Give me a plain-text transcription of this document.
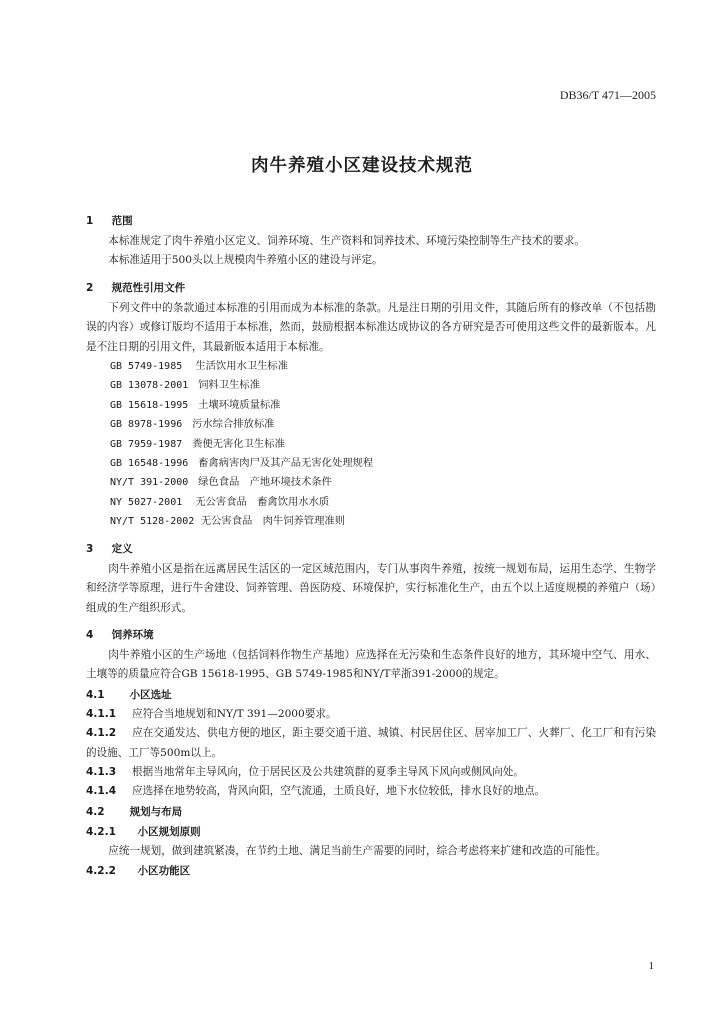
DB36/T 471—2005
肉牛养殖小区建设技术规范
1 范围

本标准规定了肉牛养殖小区定义、饲养环境、生产资料和饲养技术、环境污染控制等生产技术的要求。

本标准适用于500头以上规模肉牛养殖小区的建设与评定。

2 规范性引用文件

下列文件中的条款通过本标准的引用而成为本标准的条款。凡是注日期的引用文件，其随后所有的修改单（不包括勘误的内容）或修订版均不适用于本标准，然而，鼓励根据本标准达成协议的各方研究是否可使用这些文件的最新版本。凡是不注日期的引用文件，其最新版本适用于本标准。

GB 5749-1985 生活饮用水卫生标准
GB 13078-2001 饲料卫生标准
GB 15618-1995 土壤环境质量标准
GB 8978-1996 污水综合排放标准
GB 7959-1987 粪便无害化卫生标准
GB 16548-1996 畜禽病害肉尸及其产品无害化处理规程
NY/T 391-2000 绿色食品　产地环境技术条件
NY 5027-2001 无公害食品　畜禽饮用水水质
NY/T 5128-2002 无公害食品　肉牛饲养管理准则
3 定义

肉牛养殖小区是指在远离居民生活区的一定区域范围内，专门从事肉牛养殖，按统一规划布局，运用生态学、生物学和经济学等原理，进行牛舍建设、饲养管理、兽医防疫、环境保护，实行标准化生产，由五个以上适度规模的养殖户（场）组成的生产组织形式。

4 饲养环境

肉牛养殖小区的生产场地（包括饲料作物生产基地）应选择在无污染和生态条件良好的地方，其环境中空气、用水、土壤等的质量应符合GB 15618-1995、GB 5749-1985和NY/T苹浙391-2000的规定。

4.1 小区选址

4.1.1 应符合当地规划和NY/T 391—2000要求。

4.1.2 应在交通发达、供电方便的地区，距主要交通干道、城镇、村民居住区、居宰加工厂、火葬厂、化工厂和有污染的设施、工厂等500m以上。

4.1.3 根据当地常年主导风向，位于居民区及公共建筑群的夏季主导风下风向或侧风向处。

4.1.4 应选择在地势较高，背风向阳，空气流通，土质良好，地下水位较低，排水良好的地点。

4.2 规划与布局
4.2.1 小区规划原则

应统一规划，做到建筑紧凑，在节约土地、满足当前生产需要的同时，综合考虑将来扩建和改造的可能性。

4.2.2 小区功能区
1
